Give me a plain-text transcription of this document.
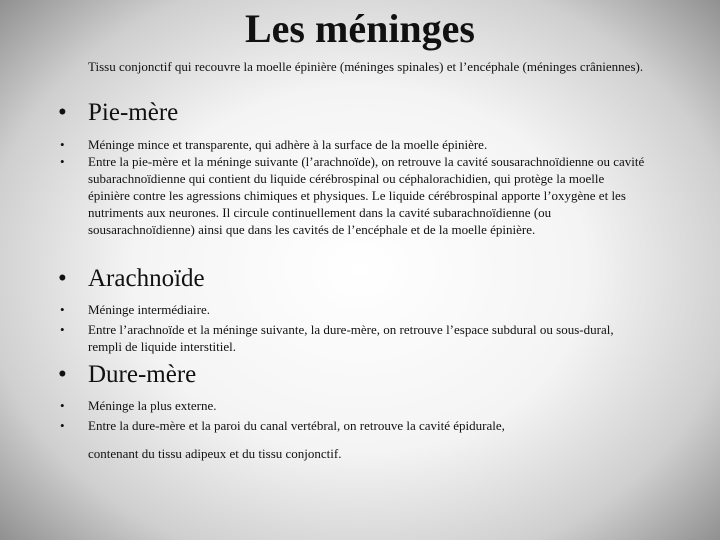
Les méninges
Tissu conjonctif qui recouvre la moelle épinière (méninges spinales) et l’encéphale (méninges crâniennes).
• Pie-mère
•	Méninge mince et transparente, qui adhère à la surface de la moelle épinière.
•	Entre la pie-mère et la méninge suivante (l’arachnoïde), on retrouve la cavité sousarachnoïdienne ou cavité subarachnoïdienne qui contient du liquide cérébrospinal ou céphalorachidien, qui protège la moelle épinière contre les agressions chimiques et physiques. Le liquide cérébrospinal apporte l’oxygène et les nutriments aux neurones. Il circule continuellement dans la cavité subarachnoïdienne (ou sousarachnoïdienne) ainsi que dans les cavités de l’encéphale et de la moelle épinière.
• Arachnoïde
•	Méninge intermédiaire.
•	Entre l’arachnoïde et la méninge suivante, la dure-mère, on retrouve l’espace subdural ou sous-dural, rempli de liquide interstitiel.
• Dure-mère
•	Méninge la plus externe.
•	Entre la dure-mère et la paroi du canal vertébral, on retrouve la cavité épidurale,
contenant du tissu adipeux et du tissu conjonctif.
